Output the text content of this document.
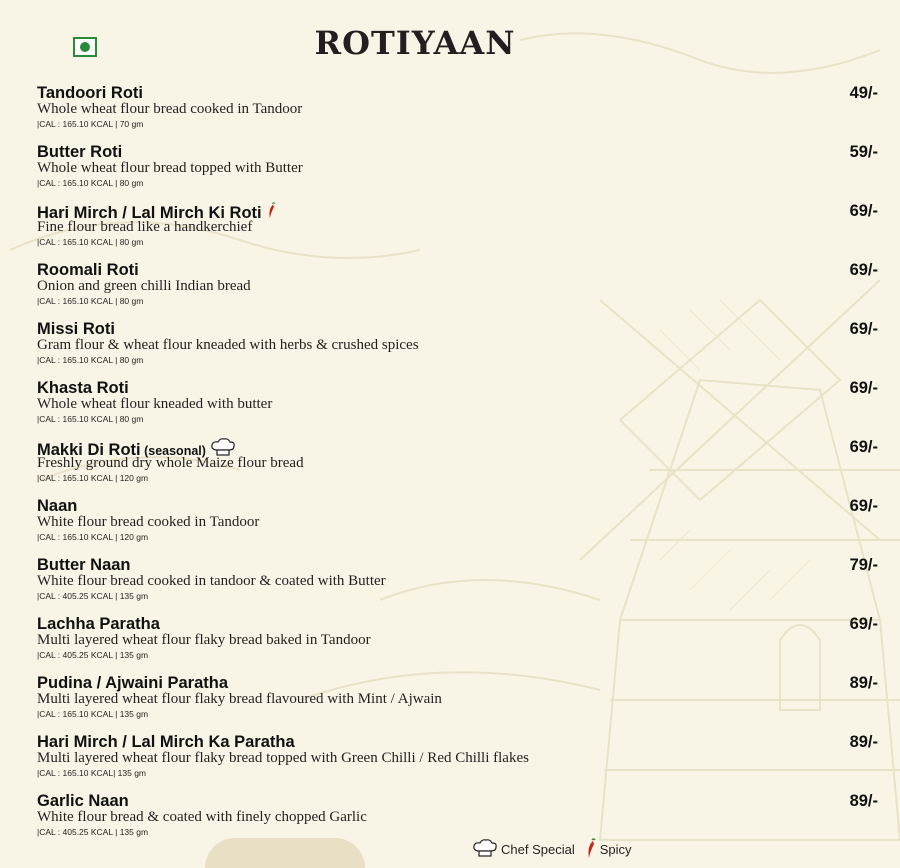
ROTIYAAN
Tandoori Roti
Whole wheat flour bread cooked in Tandoor
|CAL : 165.10 KCAL | 70 gm
49/-
Butter Roti
Whole wheat flour bread topped with Butter
|CAL : 165.10 KCAL | 80 gm
59/-
Hari Mirch / Lal Mirch Ki Roti
Fine flour bread like a handkerchief
|CAL : 165.10 KCAL | 80 gm
69/-
Roomali Roti
Onion and green chilli Indian bread
|CAL : 165.10 KCAL | 80 gm
69/-
Missi Roti
Gram flour & wheat flour kneaded with herbs & crushed spices
|CAL : 165.10 KCAL | 80 gm
69/-
Khasta Roti
Whole wheat flour kneaded with butter
|CAL : 165.10 KCAL | 80 gm
69/-
Makki Di Roti (seasonal)
Freshly ground dry whole Maize flour bread
|CAL : 165.10 KCAL | 120 gm
69/-
Naan
White flour bread cooked in Tandoor
|CAL : 165.10 KCAL | 120 gm
69/-
Butter Naan
White flour bread cooked in tandoor & coated with Butter
|CAL : 405.25 KCAL | 135 gm
79/-
Lachha Paratha
Multi layered wheat flour flaky bread baked in Tandoor
|CAL : 405.25 KCAL | 135 gm
69/-
Pudina / Ajwaini Paratha
Multi layered wheat flour flaky bread flavoured with Mint / Ajwain
|CAL : 165.10 KCAL | 135 gm
89/-
Hari Mirch / Lal Mirch Ka Paratha
Multi layered wheat flour flaky bread topped with Green Chilli / Red Chilli flakes
|CAL : 165.10 KCAL| 135 gm
89/-
Garlic Naan
White flour bread & coated with finely chopped Garlic
|CAL : 405.25 KCAL | 135 gm
89/-
Chef Special Spicy
